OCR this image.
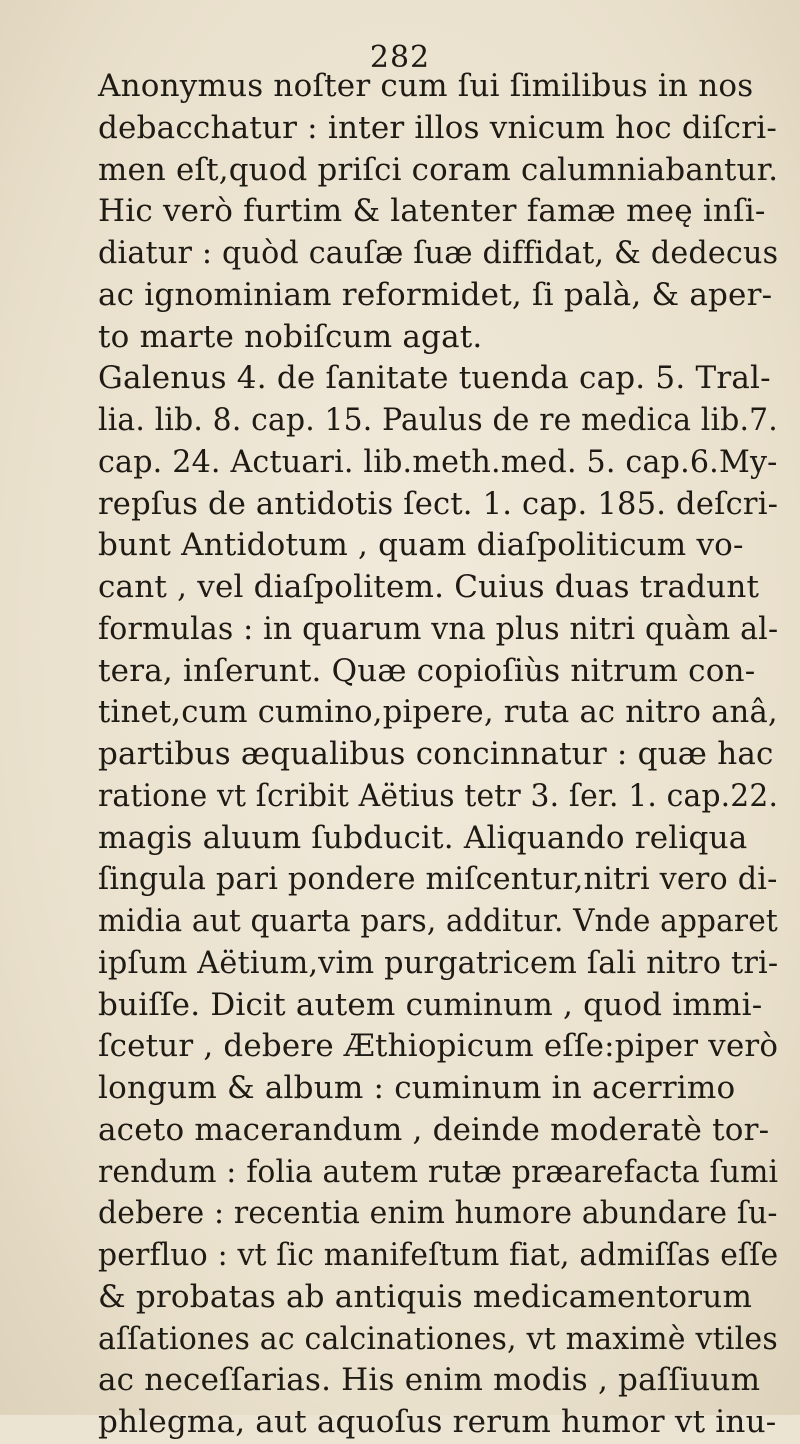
282
Anonymus noſter cum ſui ſimilibus in nos
debacchatur : inter illos vnicum hoc diſcri-
men eſt,quod priſci coram calumniabantur.
Hic verò furtim & latenter famæ meę inſi-
diatur : quòd cauſæ ſuæ diffidat, & dedecus
ac ignominiam reformidet, ſi palà, & aper-
to marte nobiſcum agat.
Galenus 4. de ſanitate tuenda cap. 5. Tral-
lia. lib. 8. cap. 15. Paulus de re medica lib.7.
cap. 24. Actuari. lib.meth.med. 5. cap.6.My-
repſus de antidotis ſect. 1. cap. 185. deſcri-
bunt Antidotum , quam diaſpoliticum vo-
cant , vel diaſpolitem. Cuius duas tradunt
formulas : in quarum vna plus nitri quàm al-
tera, inſerunt. Quæ copioſiùs nitrum con-
tinet,cum cumino,pipere, ruta ac nitro anâ,
partibus æqualibus concinnatur : quæ hac
ratione vt ſcribit Aëtius tetr 3. ſer. 1. cap.22.
magis aluum ſubducit. Aliquando reliqua
ſingula pari pondere miſcentur,nitri vero di-
midia aut quarta pars, additur. Vnde apparet
ipſum Aëtium,vim purgatricem ſali nitro tri-
buiſſe. Dicit autem cuminum , quod immi-
ſcetur , debere Æthiopicum eſſe:piper verò
longum & album : cuminum in acerrimo
aceto macerandum , deinde moderatè tor-
rendum : folia autem rutæ præarefacta ſumi
debere : recentia enim humore abundare ſu-
perfluo : vt ſic manifeſtum fiat, admiſſas eſſe
& probatas ab antiquis medicamentorum
aſſationes ac calcinationes, vt maximè vtiles
ac neceſſarias. His enim modis , paſſiuum
phlegma, aut aquoſus rerum humor vt inu-
